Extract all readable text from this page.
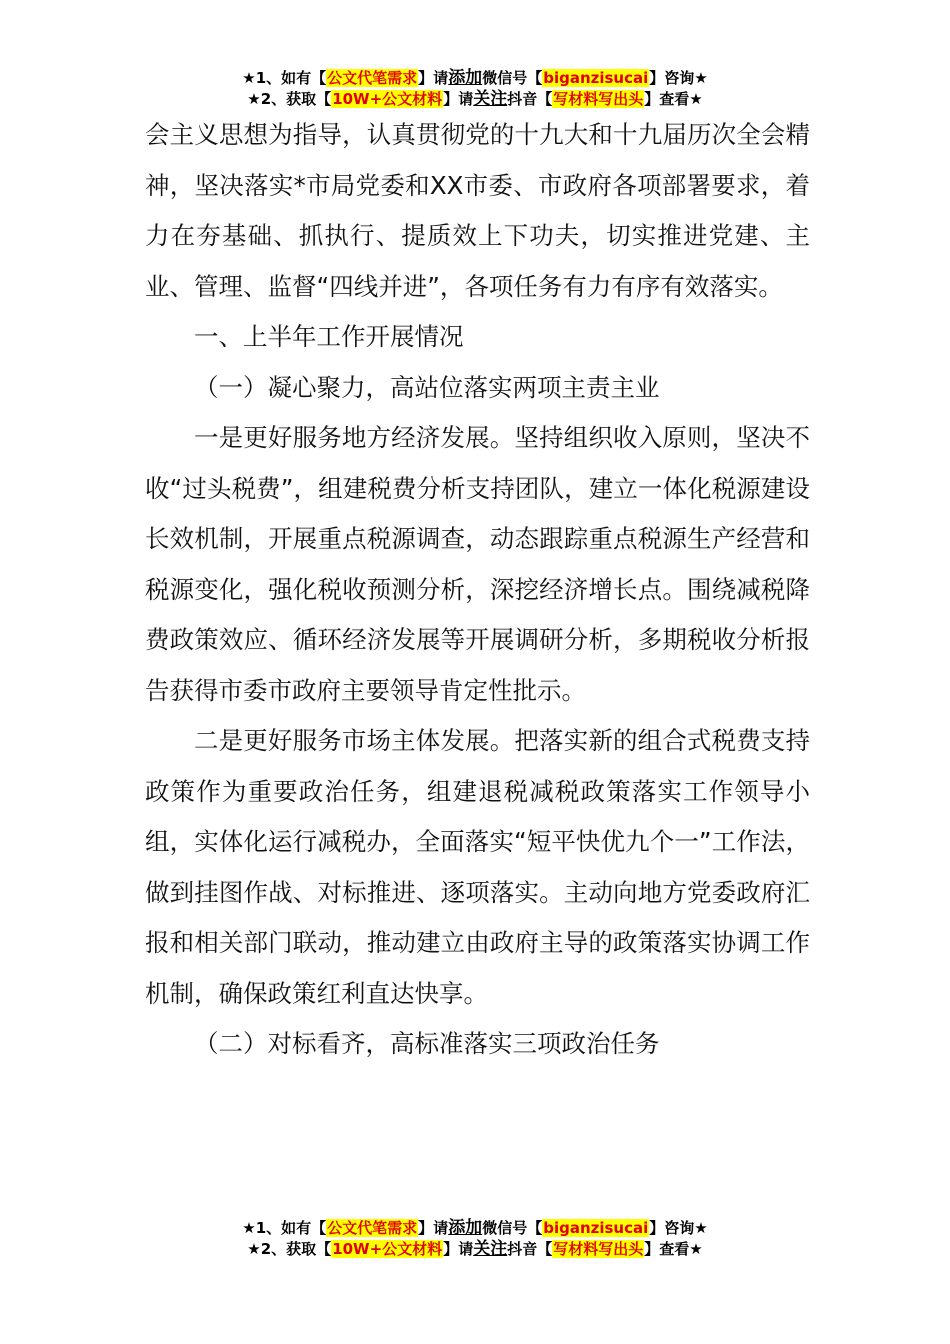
★1、如有【公文代笔需求】请添加微信号【biganzisucai】咨询★
★2、获取【10W+公文材料】请关注抖音【写材料写出头】查看★

会主义思想为指导，认真贯彻党的十九大和十九届历次全会精神，坚决落实*市局党委和XX市委、市政府各项部署要求，着力在夯基础、抓执行、提质效上下功夫，切实推进党建、主业、管理、监督“四线并进”，各项任务有力有序有效落实。

一、上半年工作开展情况

（一）凝心聚力，高站位落实两项主责主业

一是更好服务地方经济发展。坚持组织收入原则，坚决不收“过头税费”，组建税费分析支持团队，建立一体化税源建设长效机制，开展重点税源调查，动态跟踪重点税源生产经营和税源变化，强化税收预测分析，深挖经济增长点。围绕减税降费政策效应、循环经济发展等开展调研分析，多期税收分析报告获得市委市政府主要领导肯定性批示。

二是更好服务市场主体发展。把落实新的组合式税费支持政策作为重要政治任务，组建退税减税政策落实工作领导小组，实体化运行减税办，全面落实“短平快优九个一”工作法，做到挂图作战、对标推进、逐项落实。主动向地方党委政府汇报和相关部门联动，推动建立由政府主导的政策落实协调工作机制，确保政策红利直达快享。

（二）对标看齐，高标准落实三项政治任务

★1、如有【公文代笔需求】请添加微信号【biganzisucai】咨询★
★2、获取【10W+公文材料】请关注抖音【写材料写出头】查看★
